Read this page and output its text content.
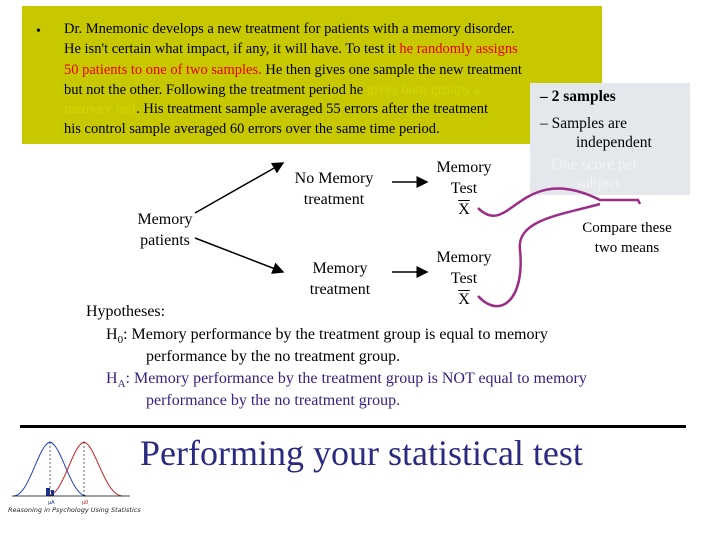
• Dr. Mnemonic develops a new treatment for patients with a memory disorder.
He isn't certain what impact, if any, it will have. To test it he randomly assigns
50 patients to one of two samples. He then gives one sample the new treatment
but not the other. Following the treatment period he gives both groups a
memory test. His treatment sample averaged 55 errors after the treatment
his control sample averaged 60 errors over the same time period.
– 2 samples
– Samples are
independent
– One score per
subject
Memory
patients
No Memory
treatment
Memory
treatment
Memory
Test
$\overline{X}$
Memory
Test
$\overline{X}$
Compare these
two means
Hypotheses:
$H_0$: Memory performance by the treatment group is equal to memory
performance by the no treatment group.
$H_A$: Memory performance by the treatment group is NOT equal to memory
performance by the no treatment group.
Performing your statistical test
μA	μ0
Reasoning in Psychology Using Statistics
